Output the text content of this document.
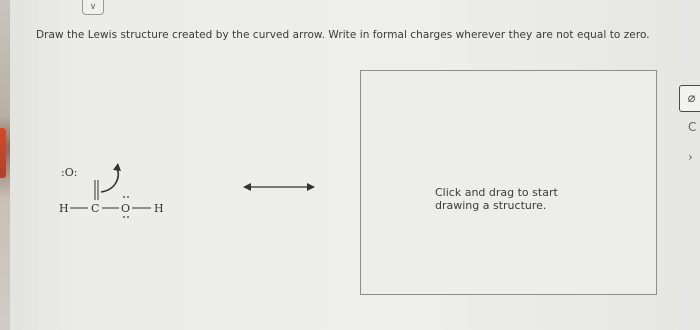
∨
Draw the Lewis structure created by the curved arrow. Write in formal charges wherever they are not equal to zero.
:O:
H C O H
Click and drag to start drawing a structure.
⌀
C
›
